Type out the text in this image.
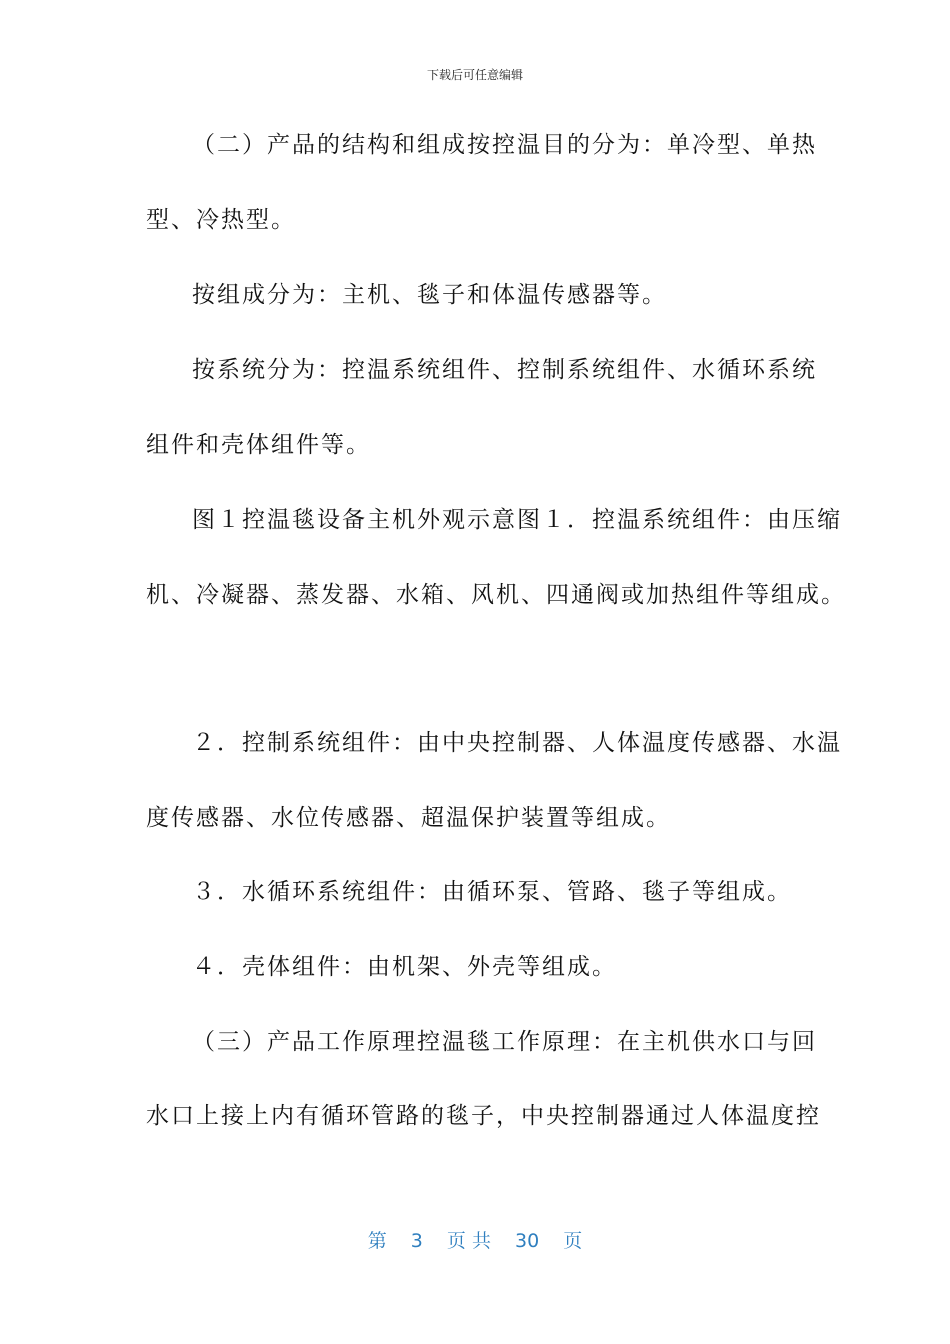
下载后可任意编辑
（二）产品的结构和组成按控温目的分为：单冷型、单热
型、冷热型。
按组成分为：主机、毯子和体温传感器等。
按系统分为：控温系统组件、控制系统组件、水循环系统
组件和壳体组件等。
图１控温毯设备主机外观示意图１．控温系统组件：由压缩
机、冷凝器、蒸发器、水箱、风机、四通阀或加热组件等组成。
２．控制系统组件：由中央控制器、人体温度传感器、水温
度传感器、水位传感器、超温保护装置等组成。
３．水循环系统组件：由循环泵、管路、毯子等组成。
４．壳体组件：由机架、外壳等组成。
（三）产品工作原理控温毯工作原理：在主机供水口与回
水口上接上内有循环管路的毯子，中央控制器通过人体温度控
第 3 页 共 30 页
